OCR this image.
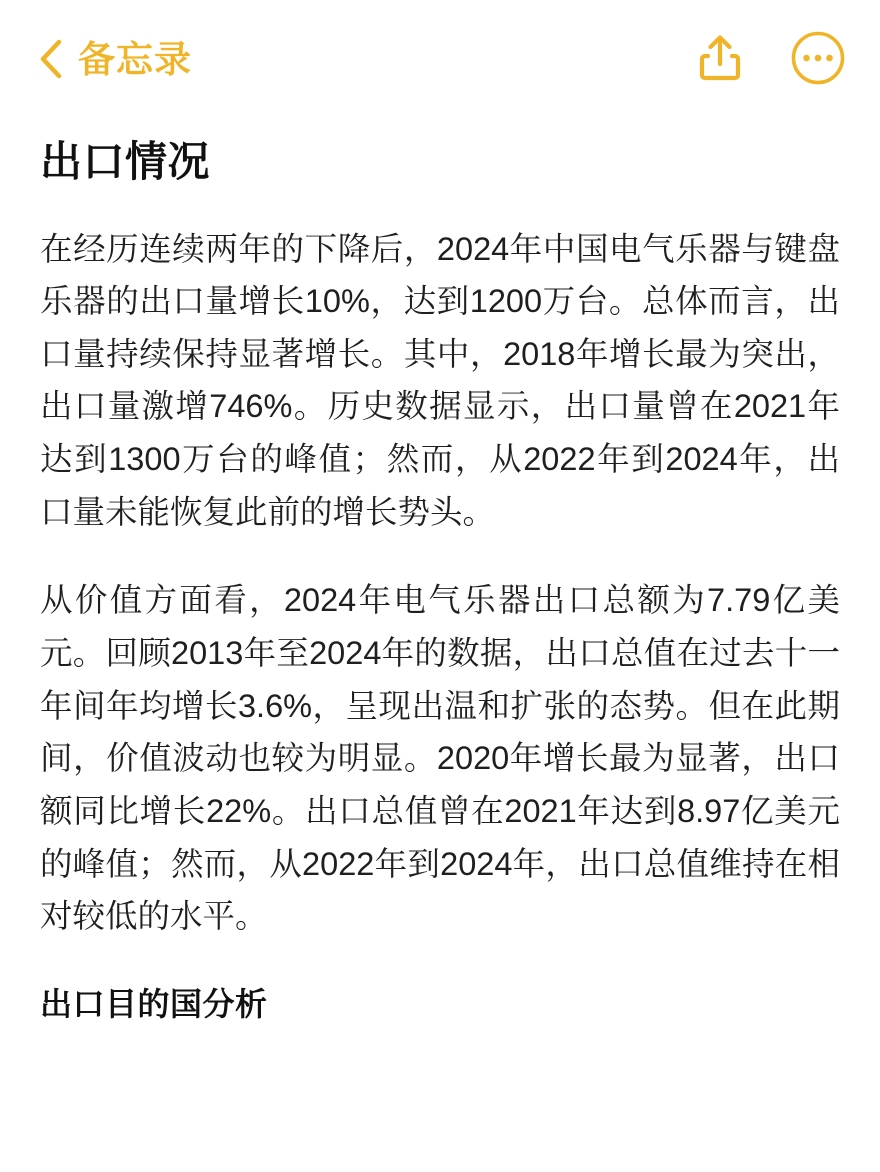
备忘录
出口情况

在经历连续两年的下降后，2024年中国电气乐器与键盘乐器的出口量增长10%，达到1200万台。总体而言，出口量持续保持显著增长。其中，2018年增长最为突出，出口量激增746%。历史数据显示，出口量曾在2021年达到1300万台的峰值；然而，从2022年到2024年，出口量未能恢复此前的增长势头。

从价值方面看，2024年电气乐器出口总额为7.79亿美元。回顾2013年至2024年的数据，出口总值在过去十一年间年均增长3.6%，呈现出温和扩张的态势。但在此期间，价值波动也较为明显。2020年增长最为显著，出口额同比增长22%。出口总值曾在2021年达到8.97亿美元的峰值；然而，从2022年到2024年，出口总值维持在相对较低的水平。

出口目的国分析
